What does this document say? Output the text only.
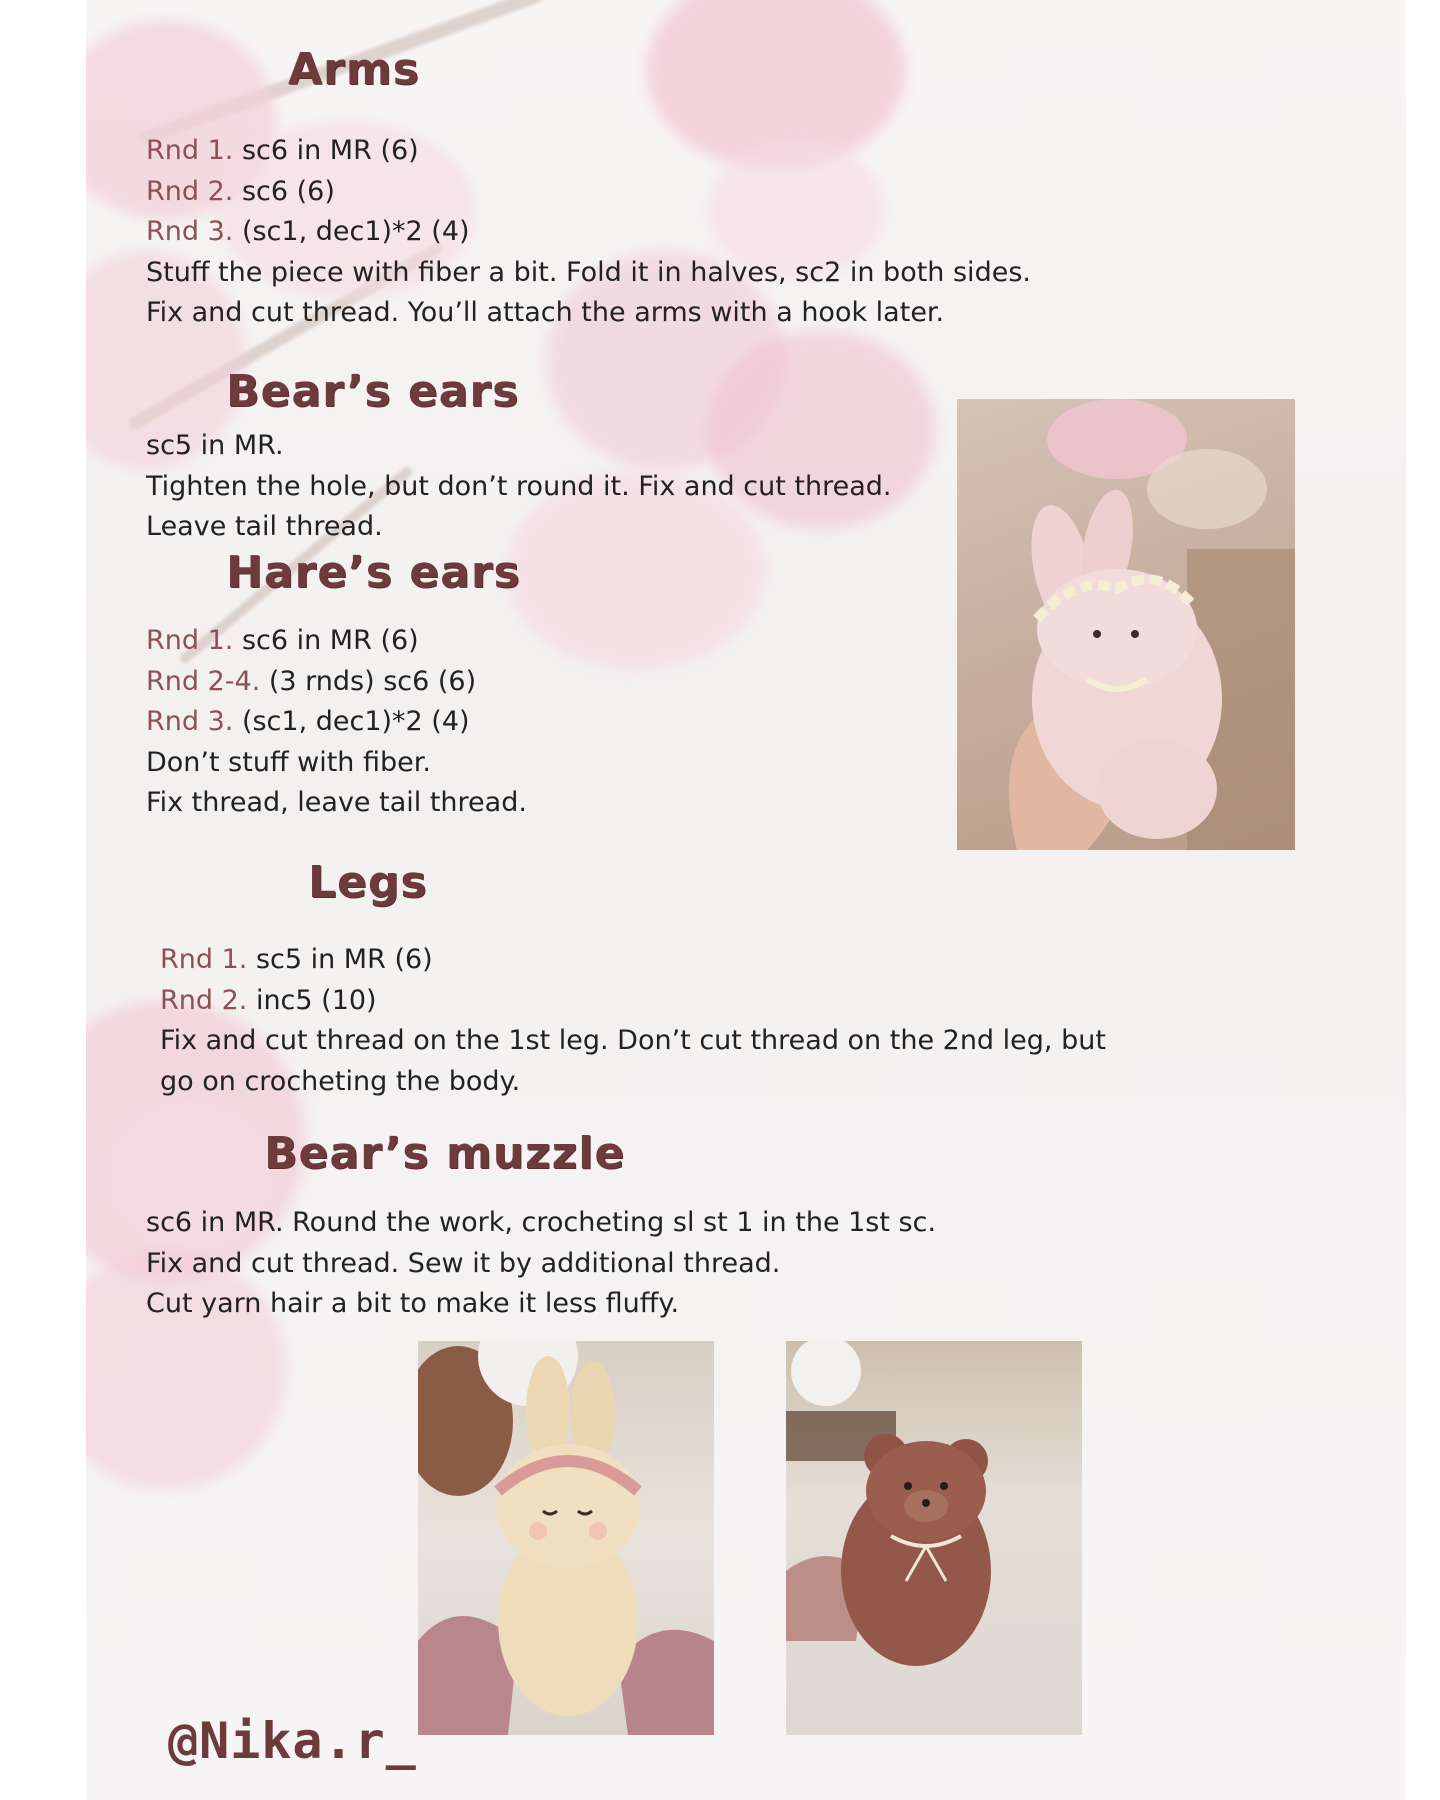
Arms
Rnd 1. sc6 in MR (6)
Rnd 2. sc6 (6)
Rnd 3. (sc1, dec1)*2 (4)
Stuff the piece with fiber a bit. Fold it in halves, sc2 in both sides.
Fix and cut thread. You’ll attach the arms with a hook later.
Bear’s ears
sc5 in MR.
Tighten the hole, but don’t round it. Fix and cut thread.
Leave tail thread.
Hare’s ears
Rnd 1. sc6 in MR (6)
Rnd 2-4. (3 rnds) sc6 (6)
Rnd 3. (sc1, dec1)*2 (4)
Don’t stuff with fiber.
Fix thread, leave tail thread.
Legs
Rnd 1. sc5 in MR (6)
Rnd 2. inc5 (10)
Fix and cut thread on the 1st leg. Don’t cut thread on the 2nd leg, but
go on crocheting the body.
Bear’s muzzle
sc6 in MR. Round the work, crocheting sl st 1 in the 1st sc.
Fix and cut thread. Sew it by additional thread.
Cut yarn hair a bit to make it less fluffy.
@Nika.r_
